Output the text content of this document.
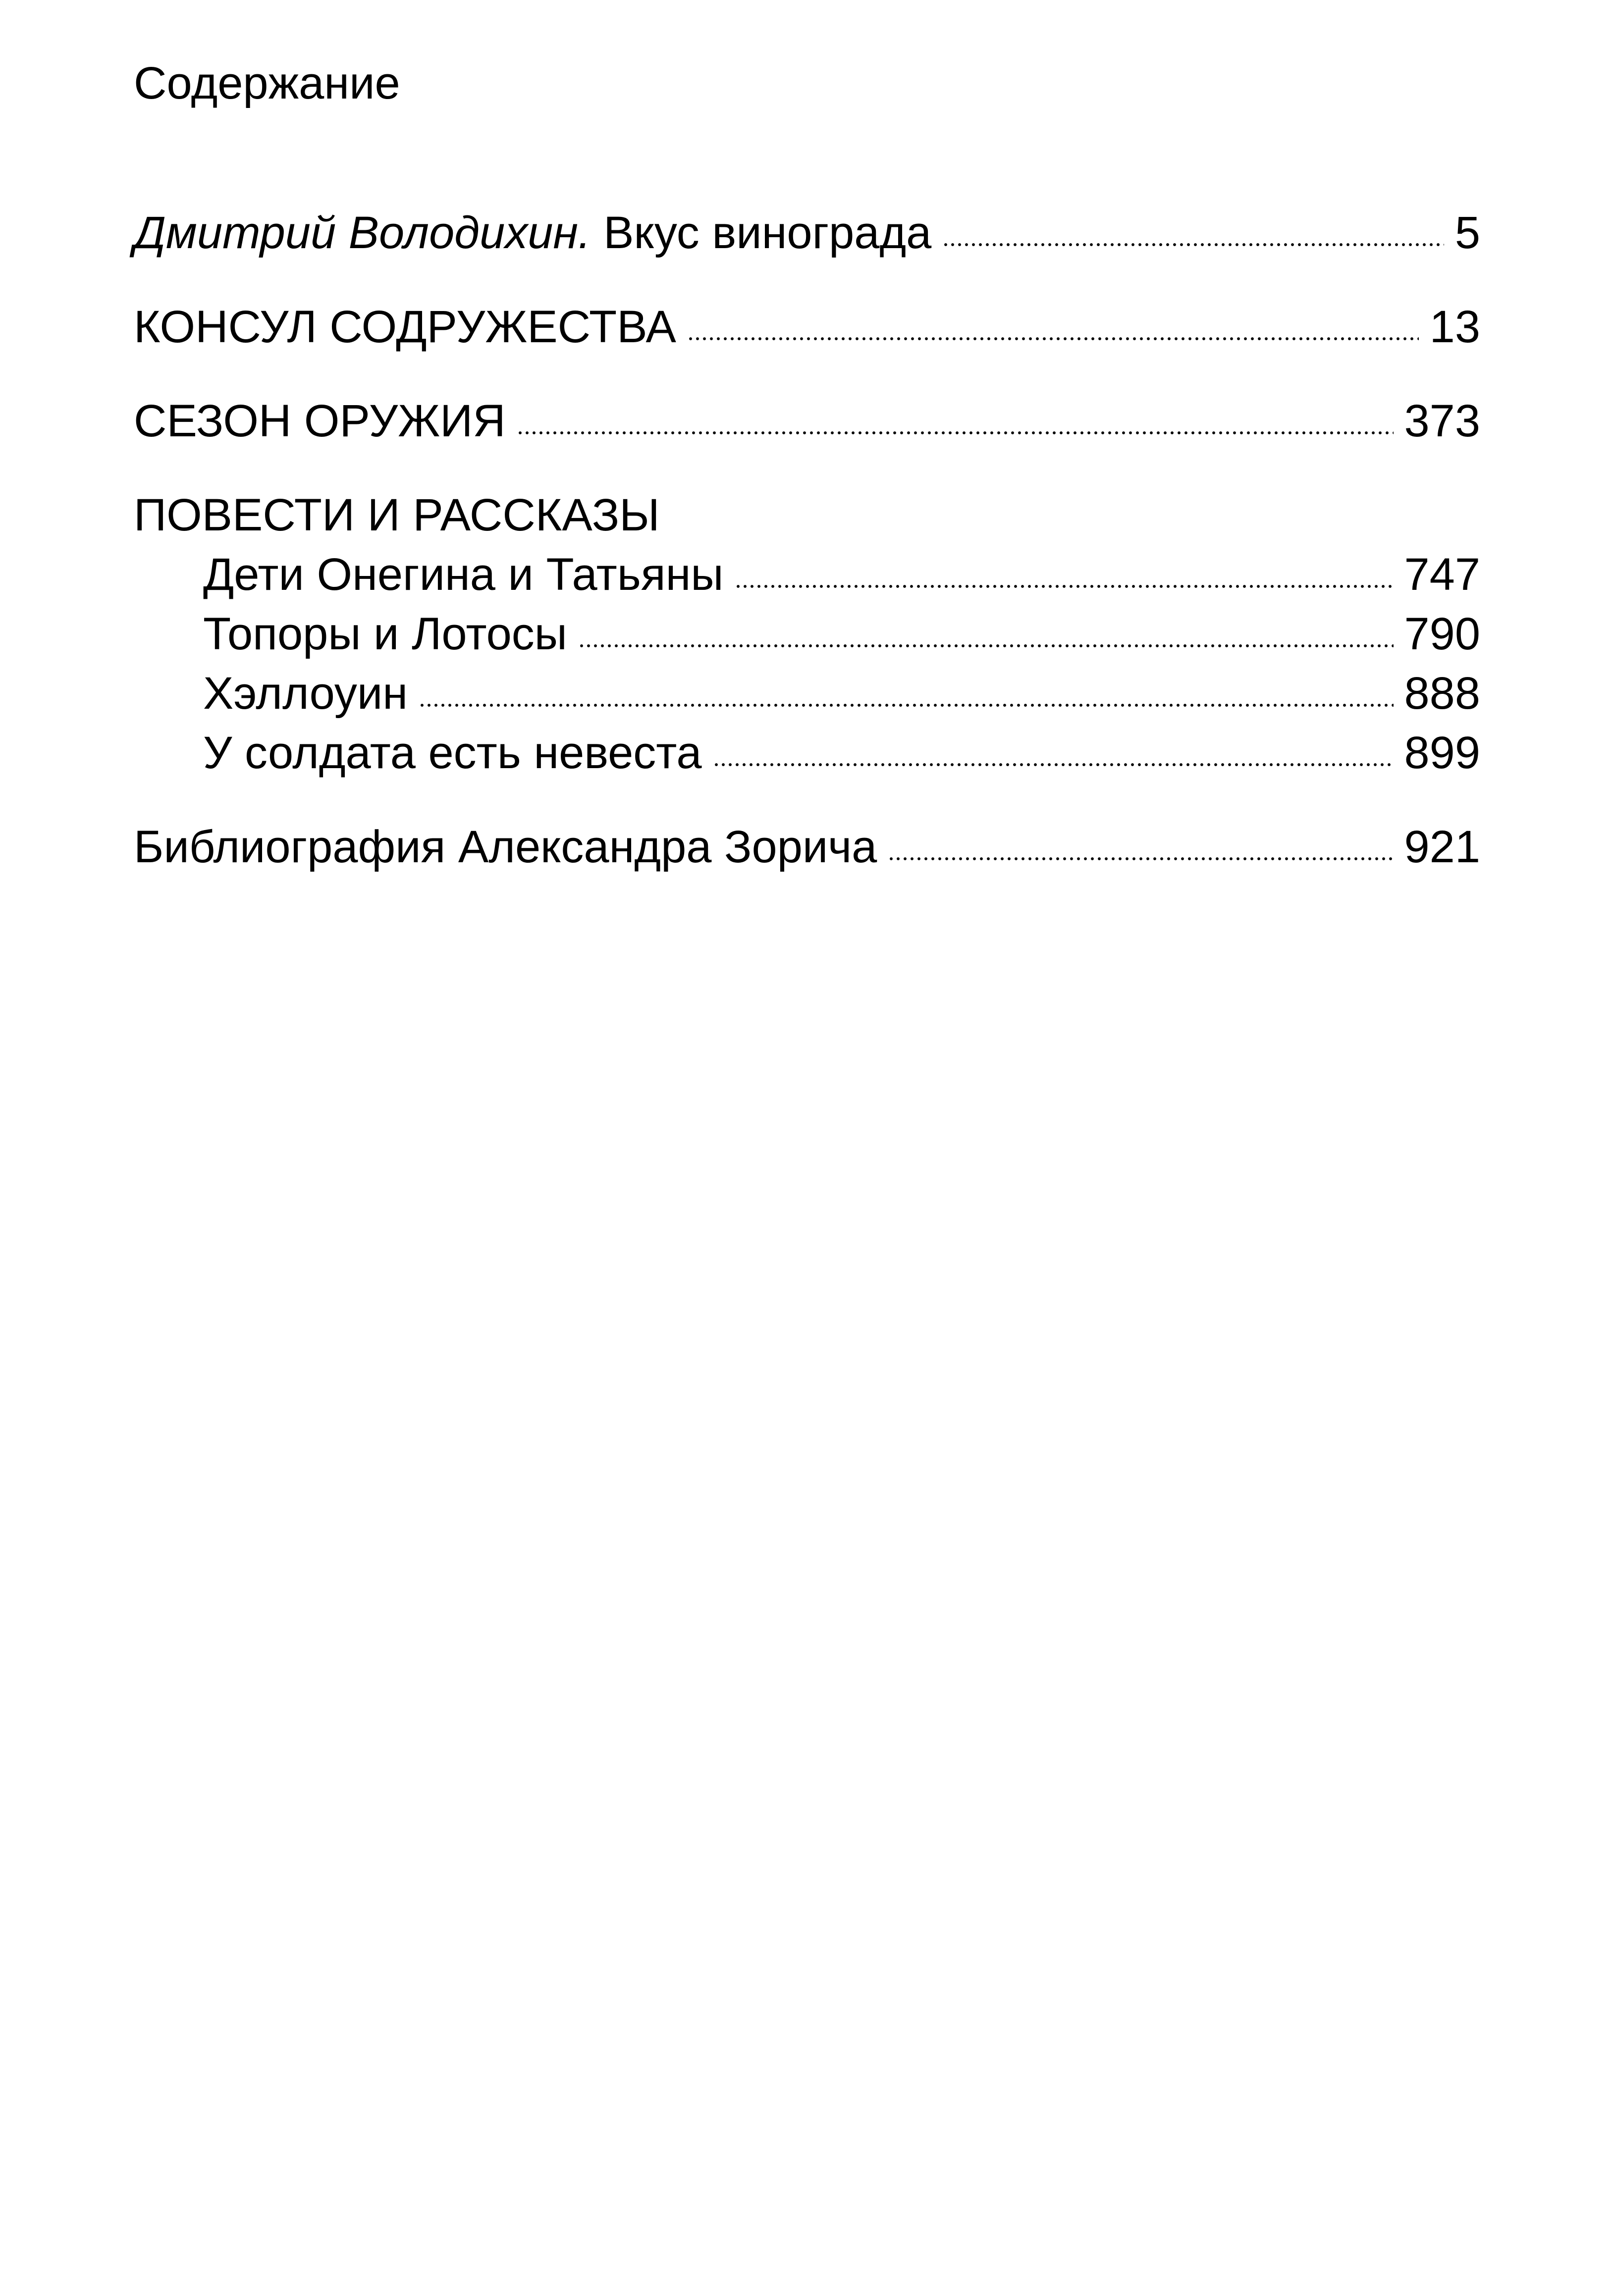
Содержание
Дмитрий Володихин. Вкус винограда	5
КОНСУЛ СОДРУЖЕСТВА	13
СЕЗОН ОРУЖИЯ	373
ПОВЕСТИ И РАССКАЗЫ
Дети Онегина и Татьяны	747
Топоры и Лотосы	790
Хэллоуин	888
У солдата есть невеста	899
Библиография Александра Зорича	921
